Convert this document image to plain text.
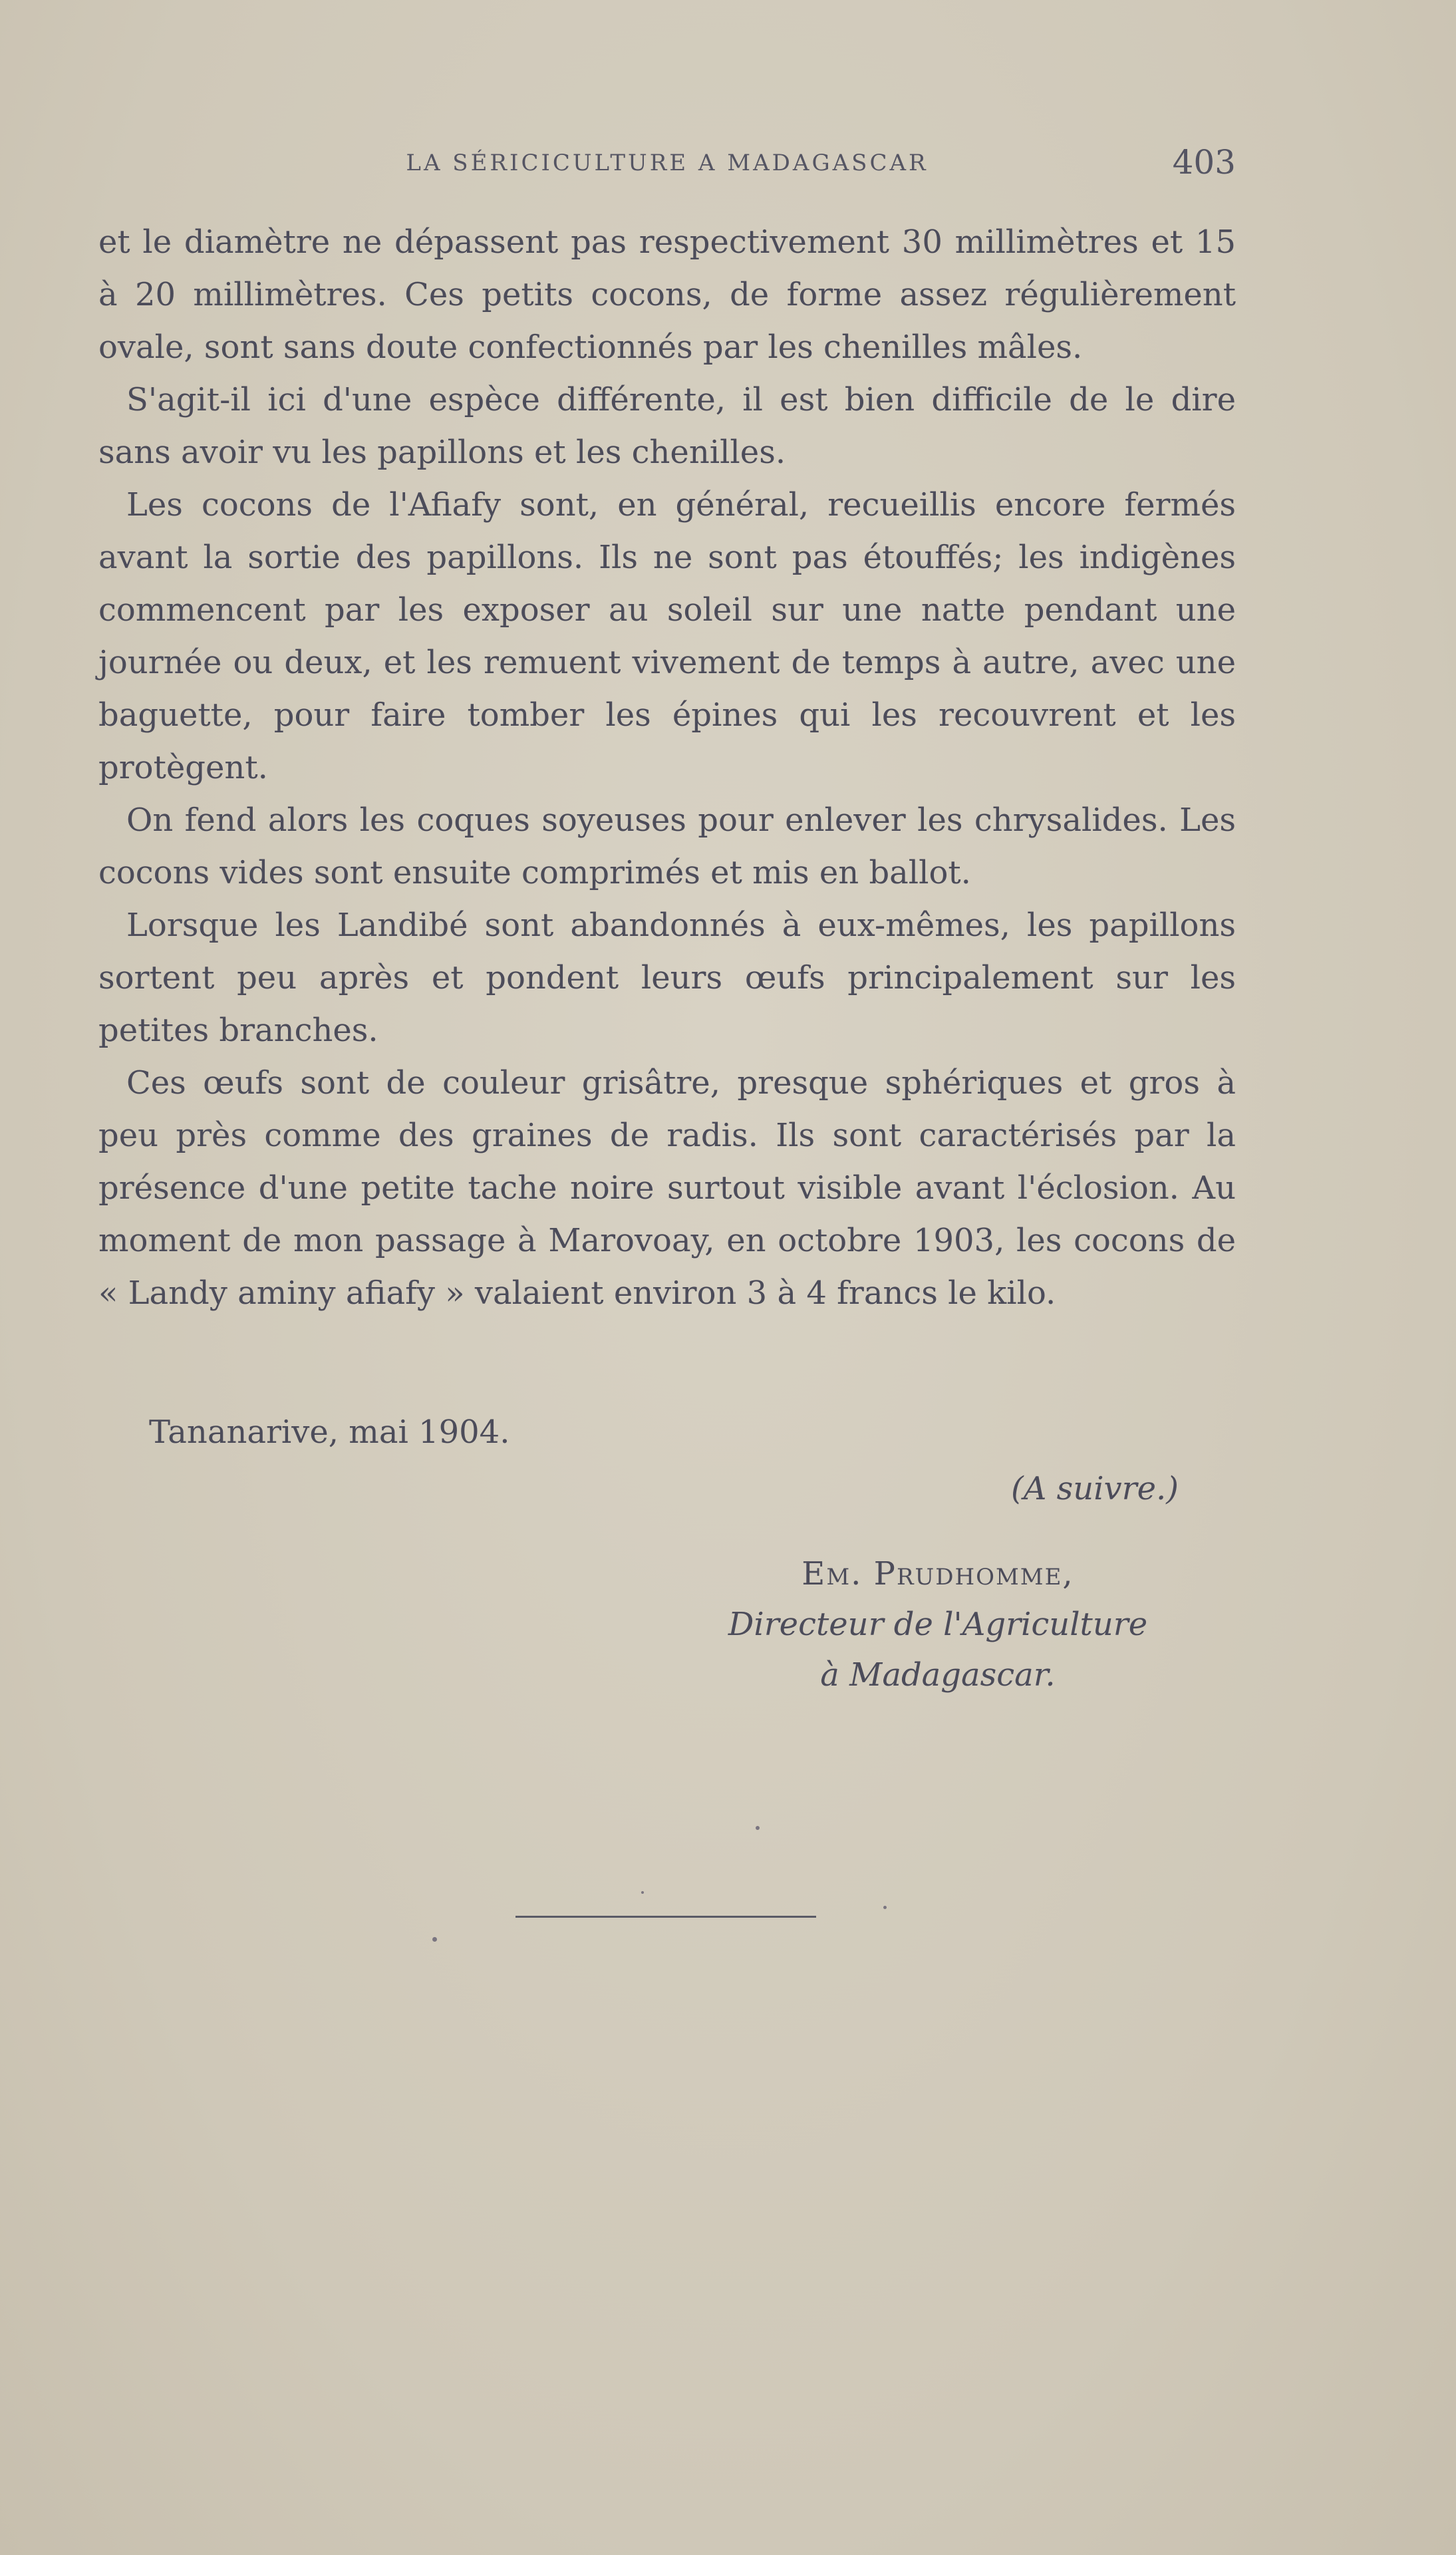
LA SÉRICICULTURE A MADAGASCAR	403

et le diamètre ne dépassent pas respectivement 30 millimètres et 15 à 20 millimètres. Ces petits cocons, de forme assez régulièrement ovale, sont sans doute confectionnés par les chenilles mâles.

S'agit-il ici d'une espèce différente, il est bien difficile de le dire sans avoir vu les papillons et les chenilles.

Les cocons de l'Afiafy sont, en général, recueillis encore fermés avant la sortie des papillons. Ils ne sont pas étouffés; les indigènes commencent par les exposer au soleil sur une natte pendant une journée ou deux, et les remuent vivement de temps à autre, avec une baguette, pour faire tomber les épines qui les recouvrent et les protègent.

On fend alors les coques soyeuses pour enlever les chrysalides. Les cocons vides sont ensuite comprimés et mis en ballot.

Lorsque les Landibé sont abandonnés à eux-mêmes, les papillons sortent peu après et pondent leurs œufs principalement sur les petites branches.

Ces œufs sont de couleur grisâtre, presque sphériques et gros à peu près comme des graines de radis. Ils sont caractérisés par la présence d'une petite tache noire surtout visible avant l'éclosion. Au moment de mon passage à Marovoay, en octobre 1903, les cocons de « Landy aminy afiafy » valaient environ 3 à 4 francs le kilo.

Tananarive, mai 1904.
(A suivre.)
Em. Prudhomme,
Directeur de l'Agriculture
à Madagascar.
